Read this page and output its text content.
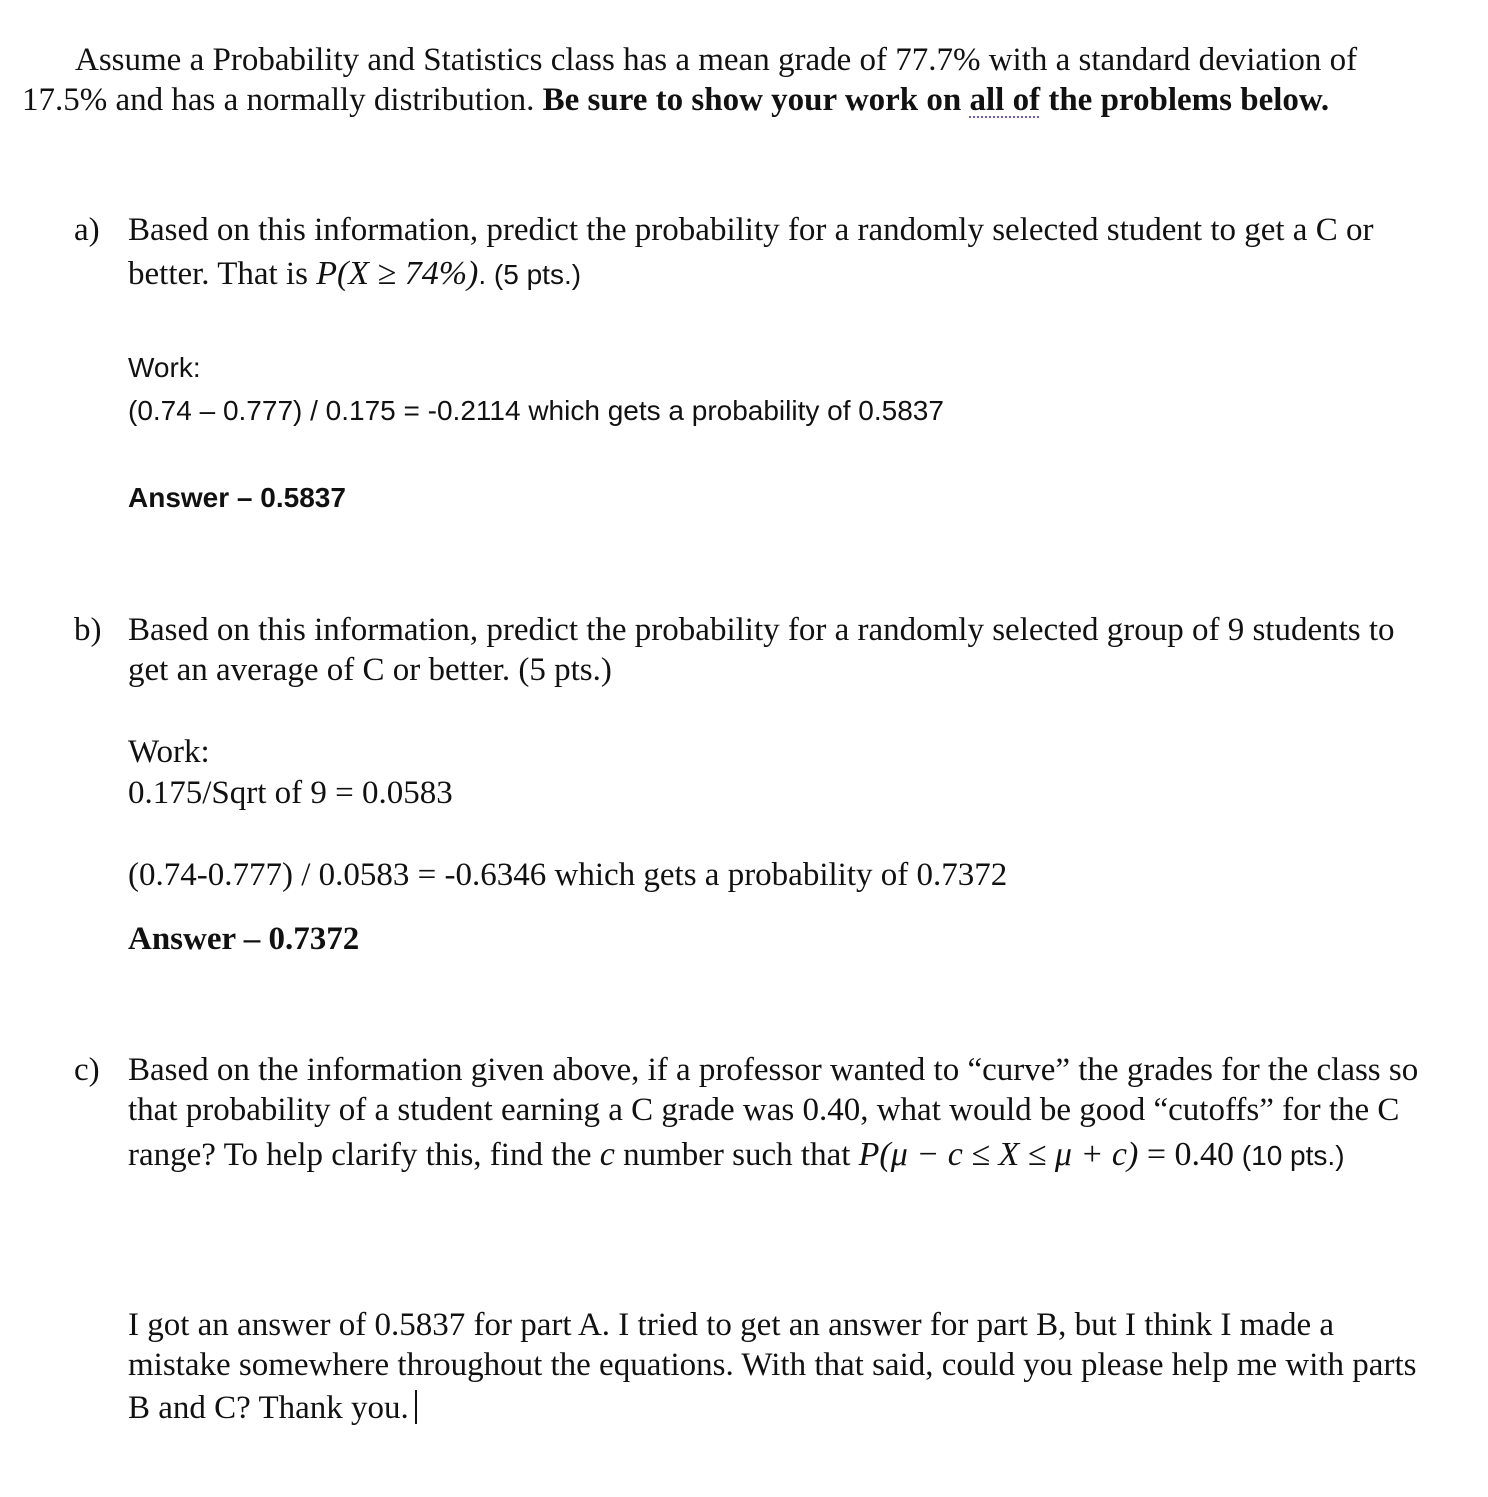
Assume a Probability and Statistics class has a mean grade of 77.7% with a standard deviation of
17.5% and has a normally distribution. Be sure to show your work on all of the problems below.
a) Based on this information, predict the probability for a randomly selected student to get a C or
better. That is P(X ≥ 74%). (5 pts.)
Work:
(0.74 – 0.777) / 0.175 = -0.2114 which gets a probability of 0.5837
Answer – 0.5837
b) Based on this information, predict the probability for a randomly selected group of 9 students to
get an average of C or better. (5 pts.)
Work:
0.175/Sqrt of 9 = 0.0583
(0.74-0.777) / 0.0583 = -0.6346 which gets a probability of 0.7372
Answer – 0.7372
c) Based on the information given above, if a professor wanted to “curve” the grades for the class so
that probability of a student earning a C grade was 0.40, what would be good “cutoffs” for the C
range? To help clarify this, find the c number such that P(μ − c ≤ X ≤ μ + c) = 0.40 (10 pts.)
I got an answer of 0.5837 for part A. I tried to get an answer for part B, but I think I made a
mistake somewhere throughout the equations. With that said, could you please help me with parts
B and C? Thank you.
